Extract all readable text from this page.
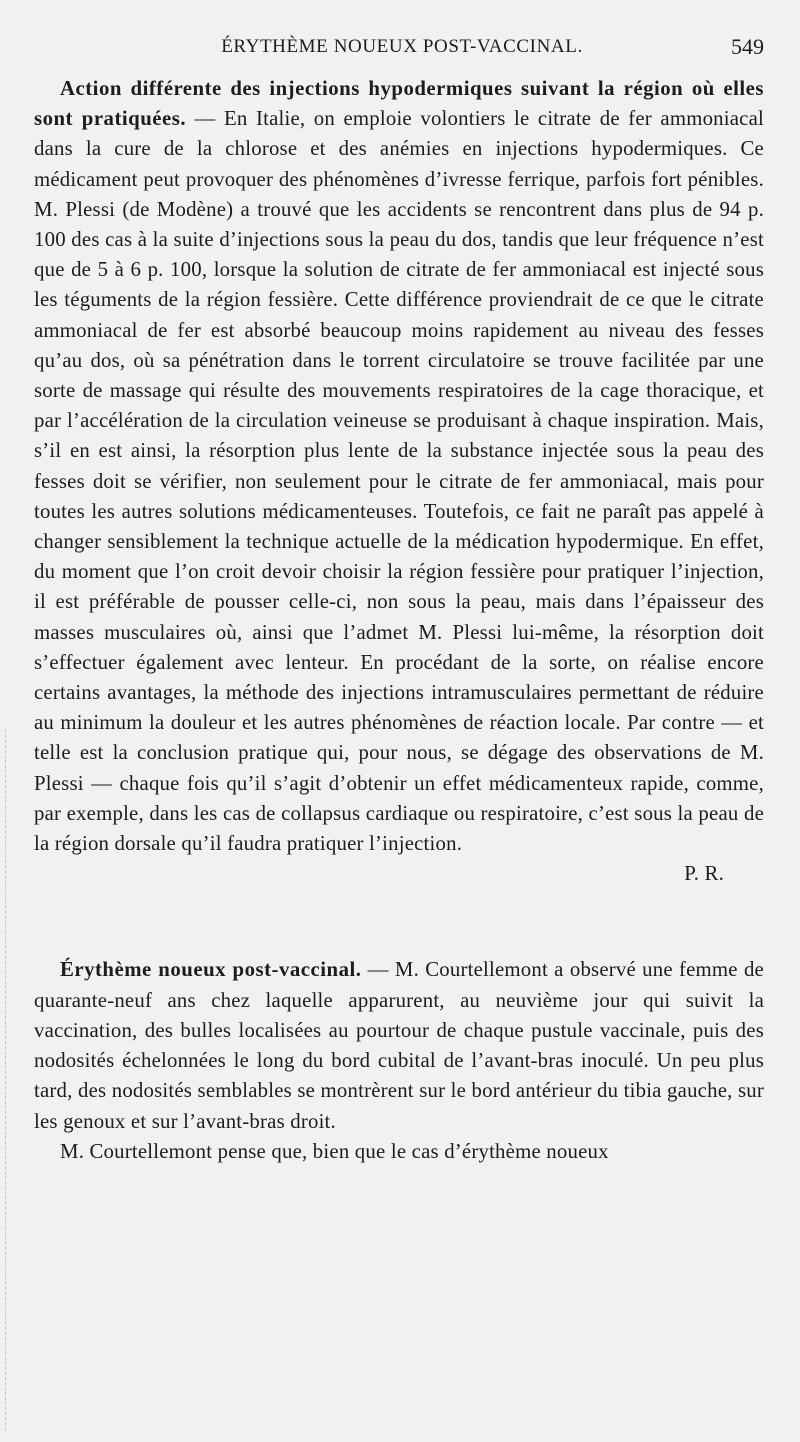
ÉRYTHÈME NOUEUX POST-VACCINAL.	549

Action différente des injections hypodermiques suivant la région où elles sont pratiquées. — En Italie, on emploie volontiers le citrate de fer ammoniacal dans la cure de la chlorose et des anémies en injections hypodermiques. Ce médicament peut provoquer des phénomènes d’ivresse ferrique, parfois fort pénibles. M. Plessi (de Modène) a trouvé que les accidents se rencontrent dans plus de 94 p. 100 des cas à la suite d’injections sous la peau du dos, tandis que leur fréquence n’est que de 5 à 6 p. 100, lorsque la solution de citrate de fer ammoniacal est injecté sous les téguments de la région fessière. Cette différence proviendrait de ce que le citrate ammoniacal de fer est absorbé beaucoup moins rapidement au niveau des fesses qu’au dos, où sa pénétration dans le torrent circulatoire se trouve facilitée par une sorte de massage qui résulte des mouvements respiratoires de la cage thoracique, et par l’accélération de la circulation veineuse se produisant à chaque inspiration. Mais, s’il en est ainsi, la résorption plus lente de la substance injectée sous la peau des fesses doit se vérifier, non seulement pour le citrate de fer ammoniacal, mais pour toutes les autres solutions médicamenteuses. Toutefois, ce fait ne paraît pas appelé à changer sensiblement la technique actuelle de la médication hypodermique. En effet, du moment que l’on croit devoir choisir la région fessière pour pratiquer l’injection, il est préférable de pousser celle-ci, non sous la peau, mais dans l’épaisseur des masses musculaires où, ainsi que l’admet M. Plessi lui-même, la résorption doit s’effectuer également avec lenteur. En procédant de la sorte, on réalise encore certains avantages, la méthode des injections intramusculaires permettant de réduire au minimum la douleur et les autres phénomènes de réaction locale. Par contre — et telle est la conclusion pratique qui, pour nous, se dégage des observations de M. Plessi — chaque fois qu’il s’agit d’obtenir un effet médicamenteux rapide, comme, par exemple, dans les cas de collapsus cardiaque ou respiratoire, c’est sous la peau de la région dorsale qu’il faudra pratiquer l’injection.

P. R.

Érythème noueux post-vaccinal. — M. Courtellemont a observé une femme de quarante-neuf ans chez laquelle apparurent, au neuvième jour qui suivit la vaccination, des bulles localisées au pourtour de chaque pustule vaccinale, puis des nodosités échelonnées le long du bord cubital de l’avant-bras inoculé. Un peu plus tard, des nodosités semblables se montrèrent sur le bord antérieur du tibia gauche, sur les genoux et sur l’avant-bras droit.

M. Courtellemont pense que, bien que le cas d’érythème noueux
